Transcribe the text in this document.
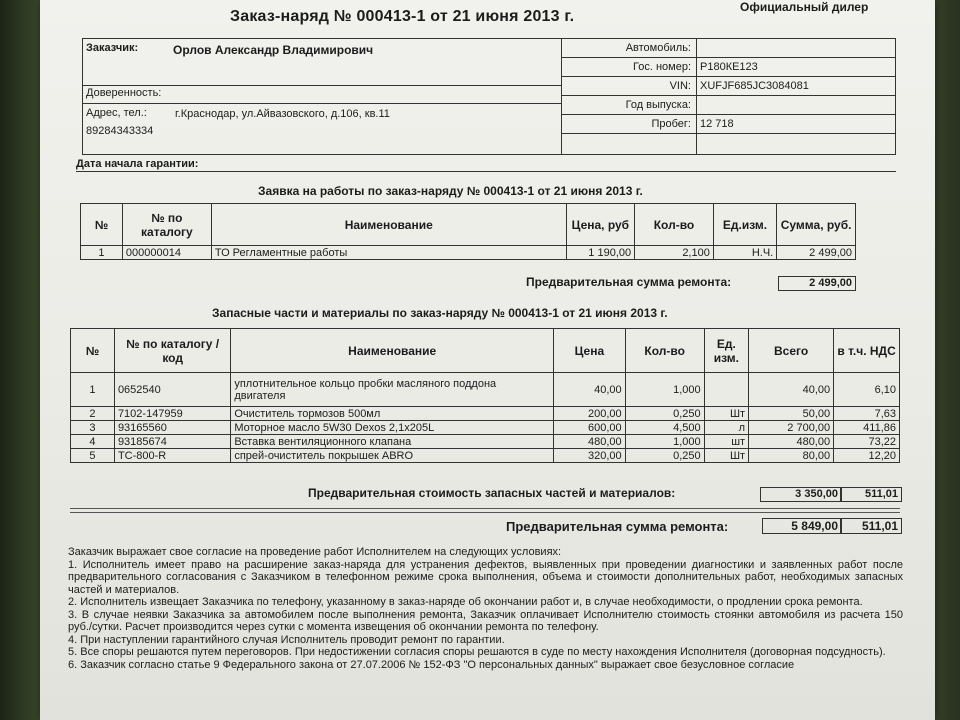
Официальный дилер
Заказ-наряд № 000413-1 от 21 июня 2013 г.
Заказчик:	Орлов Александр Владимирович
Доверенность:
Адрес, тел.:	г.Краснодар, ул.Айвазовского, д.106, кв.11
89284343334
Автомобиль:
Гос. номер: Р180КЕ123
VIN: XUFJF685JC3084081
Год выпуска:
Пробег: 12 718
Дата начала гарантии:
Заявка на работы по заказ-наряду № 000413-1 от 21 июня 2013 г.
№	№ по каталогу	Наименование	Цена, руб	Кол-во	Ед.изм.	Сумма, руб.
1	000000014	ТО Регламентные работы	1 190,00	2,100	Н.Ч.	2 499,00
Предварительная сумма ремонта:	2 499,00
Запасные части и материалы по заказ-наряду № 000413-1 от 21 июня 2013 г.
№	№ по каталогу / код	Наименование	Цена	Кол-во	Ед. изм.	Всего	в т.ч. НДС
1	0652540	уплотнительное кольцо пробки масляного поддона двигателя	40,00	1,000		40,00	6,10
2	7102-147959	Очиститель тормозов 500мл	200,00	0,250	Шт	50,00	7,63
3	93165560	Моторное масло 5W30 Dexos 2,1х205L	600,00	4,500	л	2 700,00	411,86
4	93185674	Вставка вентиляционного клапана	480,00	1,000	шт	480,00	73,22
5	TC-800-R	спрей-очиститель покрышек ABRO	320,00	0,250	Шт	80,00	12,20
Предварительная стоимость запасных частей и материалов:	3 350,00	511,01
Предварительная сумма ремонта:	5 849,00	511,01

Заказчик выражает свое согласие на проведение работ Исполнителем на следующих условиях:

1. Исполнитель имеет право на расширение заказ-наряда для устранения дефектов, выявленных при проведении диагностики и заявленных работ после предварительного согласования с Заказчиком в телефонном режиме срока выполнения, объема и стоимости дополнительных работ, необходимых запасных частей и материалов.

2. Исполнитель извещает Заказчика по телефону, указанному в заказ-наряде об окончании работ и, в случае необходимости, о продлении срока ремонта.

3. В случае неявки Заказчика за автомобилем после выполнения ремонта, Заказчик оплачивает Исполнителю стоимость стоянки автомобиля из расчета 150 руб./сутки. Расчет производится через сутки с момента извещения об окончании ремонта по телефону.

4. При наступлении гарантийного случая Исполнитель проводит ремонт по гарантии.

5. Все споры решаются путем переговоров. При недостижении согласия споры решаются в суде по месту нахождения Исполнителя (договорная подсудность).

6. Заказчик согласно статье 9 Федерального закона от 27.07.2006 № 152-ФЗ "О персональных данных" выражает свое безусловное согласие
